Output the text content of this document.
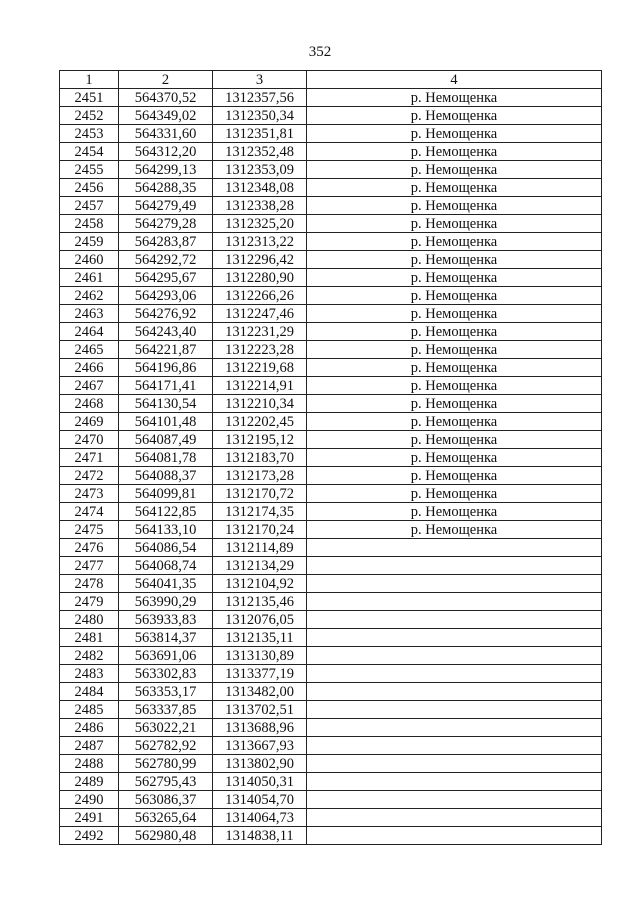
352
1	2	3	4
2451	564370,52	1312357,56	р. Немощенка
2452	564349,02	1312350,34	р. Немощенка
2453	564331,60	1312351,81	р. Немощенка
2454	564312,20	1312352,48	р. Немощенка
2455	564299,13	1312353,09	р. Немощенка
2456	564288,35	1312348,08	р. Немощенка
2457	564279,49	1312338,28	р. Немощенка
2458	564279,28	1312325,20	р. Немощенка
2459	564283,87	1312313,22	р. Немощенка
2460	564292,72	1312296,42	р. Немощенка
2461	564295,67	1312280,90	р. Немощенка
2462	564293,06	1312266,26	р. Немощенка
2463	564276,92	1312247,46	р. Немощенка
2464	564243,40	1312231,29	р. Немощенка
2465	564221,87	1312223,28	р. Немощенка
2466	564196,86	1312219,68	р. Немощенка
2467	564171,41	1312214,91	р. Немощенка
2468	564130,54	1312210,34	р. Немощенка
2469	564101,48	1312202,45	р. Немощенка
2470	564087,49	1312195,12	р. Немощенка
2471	564081,78	1312183,70	р. Немощенка
2472	564088,37	1312173,28	р. Немощенка
2473	564099,81	1312170,72	р. Немощенка
2474	564122,85	1312174,35	р. Немощенка
2475	564133,10	1312170,24	р. Немощенка
2476	564086,54	1312114,89	
2477	564068,74	1312134,29	
2478	564041,35	1312104,92	
2479	563990,29	1312135,46	
2480	563933,83	1312076,05	
2481	563814,37	1312135,11	
2482	563691,06	1313130,89	
2483	563302,83	1313377,19	
2484	563353,17	1313482,00	
2485	563337,85	1313702,51	
2486	563022,21	1313688,96	
2487	562782,92	1313667,93	
2488	562780,99	1313802,90	
2489	562795,43	1314050,31	
2490	563086,37	1314054,70	
2491	563265,64	1314064,73	
2492	562980,48	1314838,11	
